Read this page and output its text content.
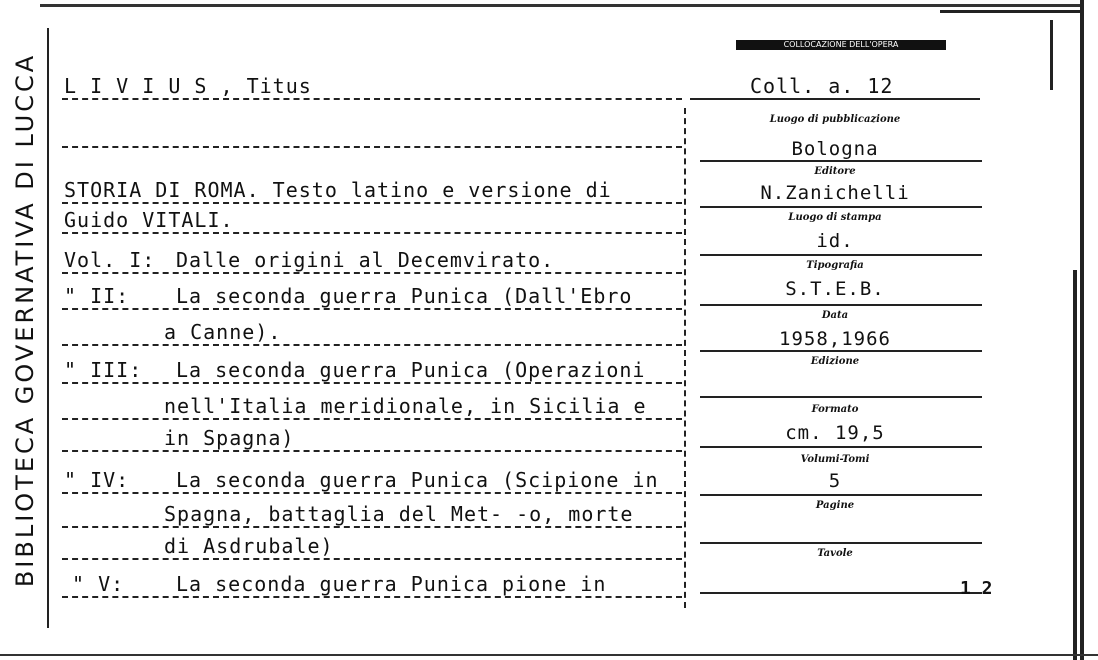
BIBLIOTECA GOVERNATIVA DI LUCCA	L I V I U S , Titus
COLLOCAZIONE DELL'OPERA
Coll. a. 12
STORIA DI ROMA. Testo latino e versione di
Guido VITALI.
Vol. I: Dalle origini al Decemvirato.
" II: La seconda guerra Punica (Dall'Ebro
a Canne).
" III: La seconda guerra Punica (Operazioni
nell'Italia meridionale, in Sicilia e
in Spagna)
" IV: La seconda guerra Punica (Scipione in
Spagna, battaglia del Met- -o, morte
di Asdrubale)
" V:	La seconda guerra Punica pione in
Luogo di pubblicazione
Bologna
Editore
N.Zanichelli
Luogo di stampa
id.
Tipografia
S.T.E.B.
Data
1958,1966
Edizione
Formato
cm. 19,5
Volumi-Tomi
5
Pagine
Tavole
1 2
